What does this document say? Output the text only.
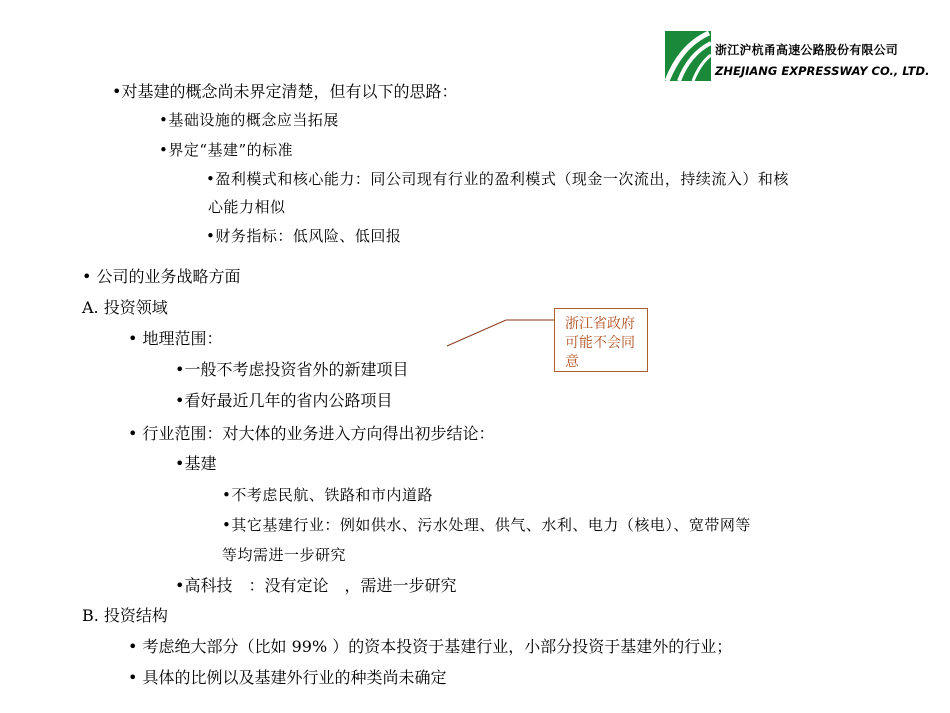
浙江沪杭甬高速公路股份有限公司
ZHEJIANG EXPRESSWAY CO., LTD.
•对基建的概念尚未界定清楚，但有以下的思路：
•基础设施的概念应当拓展
•界定“基建”的标准
•盈利模式和核心能力：同公司现有行业的盈利模式（现金一次流出，持续流入）和核
心能力相似
•财务指标：低风险、低回报
• 公司的业务战略方面
A. 投资领域
• 地理范围：
•一般不考虑投资省外的新建项目
•看好最近几年的省内公路项目
• 行业范围：对大体的业务进入方向得出初步结论：
•基建
•不考虑民航、铁路和市内道路
•其它基建行业：例如供水、污水处理、供气、水利、电力（核电）、宽带网等
等均需进一步研究
•高科技　：没有定论　，需进一步研究
B. 投资结构
• 考虑绝大部分（比如 99% ）的资本投资于基建行业，小部分投资于基建外的行业；
• 具体的比例以及基建外行业的种类尚未确定
浙江省政府可能不会同意
